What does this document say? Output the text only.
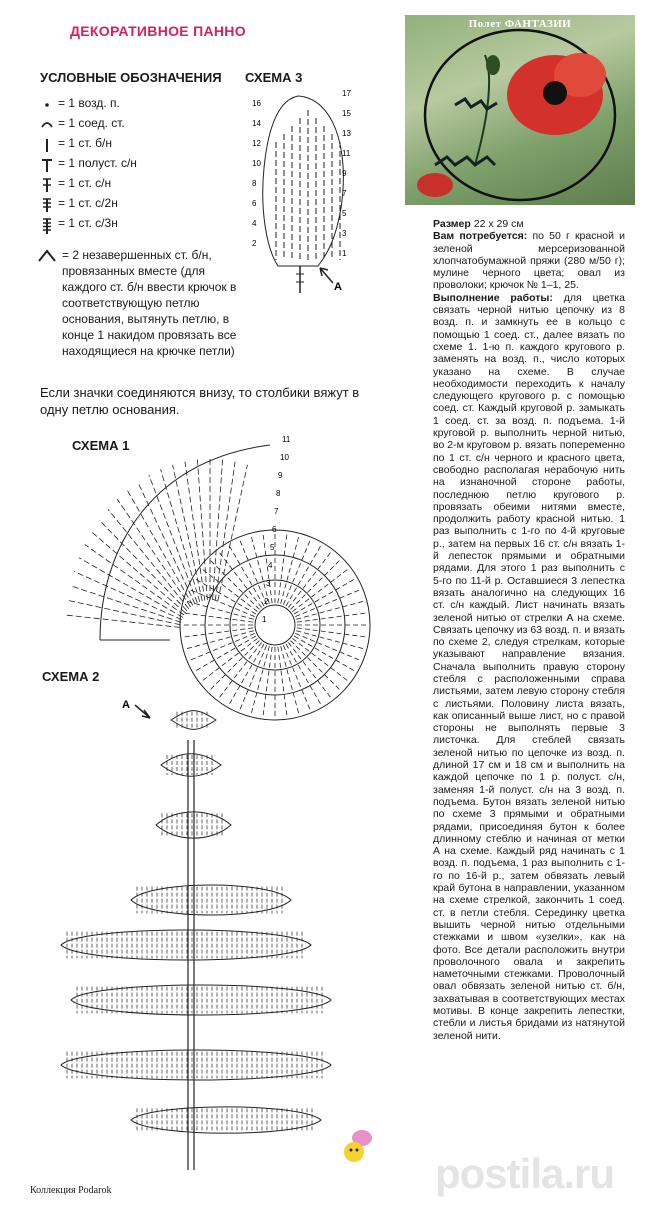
ДЕКОРАТИВНОЕ ПАННО
УСЛОВНЫЕ ОБОЗНАЧЕНИЯ
= 1 возд. п.
= 1 соед. ст.
= 1 ст. б/н
= 1 полуст. с/н
= 1 ст. с/н
= 1 ст. с/2н
= 1 ст. с/3н
= 2 незавершенных ст. б/н, провязанных вместе (для каждого ст. б/н ввести крючок в соответствующую петлю основания, вытянуть петлю, в конце 1 накидом провязать все находящиеся на крючке петли)
Если значки соединяются внизу, то столбики вяжут в одну петлю основания.
СХЕМА 3
А
17
16
15
14
13
12
11
10
9
8
7
6
5
4
3
2
1
СХЕМА 1	11
10
9
8
7
6
5
4
3
2
1
СХЕМА 2
А
Полет ФАНТАЗИИ
Размер 22 х 29 см
Вам потребуется: по 50 г красной и зеленой мерсеризованной хлопчатобумажной пряжи (280 м/50 г); мулине черного цвета; овал из проволоки; крючок № 1–1, 25.
Выполнение работы: для цветка связать черной нитью цепочку из 8 возд. п. и замкнуть ее в кольцо с помощью 1 соед. ст., далее вязать по схеме 1. 1-ю п. каждого кругового р. заменять на возд. п., число которых указано на схеме. В случае необходимости переходить к началу следующего кругового р. с помощью соед. ст. Каждый круговой р. замыкать 1 соед. ст. за возд. п. подъема. 1-й круговой р. выполнить черной нитью, во 2-м круговом р. вязать попеременно по 1 ст. с/н черного и красного цвета, свободно располагая нерабочую нить на изнаночной стороне работы, последнюю петлю кругового р. провязать обеими нитями вместе, продолжить работу красной нитью. 1 раз выполнить с 1-го по 4-й круговые р., затем на первых 16 ст. с/н вязать 1-й лепесток прямыми и обратными рядами. Для этого 1 раз выполнить с 5-го по 11-й р. Оставшиеся 3 лепестка вязать аналогично на следующих 16 ст. с/н каждый. Лист начинать вязать зеленой нитью от стрелки А на схеме. Связать цепочку из 63 возд. п. и вязать по схеме 2, следуя стрелкам, которые указывают направление вязания. Сначала выполнить правую сторону стебля с расположенными справа листьями, затем левую сторону стебля с листьями. Половину листа вязать, как описанный выше лист, но с правой стороны не выполнять первые 3 листочка. Для стеблей связать зеленой нитью по цепочке из возд. п. длиной 17 см и 18 см и выполнить на каждой цепочке по 1 р. полуст. с/н, заменяя 1-й полуст. с/н на 3 возд. п. подъема. Бутон вязать зеленой нитью по схеме 3 прямыми и обратными рядами, присоединяя бутон к более длинному стеблю и начиная от метки А на схеме. Каждый ряд начинать с 1 возд. п. подъема, 1 раз выполнить с 1-го по 16-й р., затем обвязать левый край бутона в направлении, указанном на схеме стрелкой, закончить 1 соед. ст. в петли стебля. Серединку цветка вышить черной нитью отдельными стежками и швом «узелки», как на фото. Все детали расположить внутри проволочного овала и закрепить наметочными стежками. Проволочный овал обвязать зеленой нитью ст. б/н, захватывая в соответствующих местах мотивы. В конце закрепить лепестки, стебли и листья бридами из натянутой зеленой нити.
postila.ru
Коллекция Podarok
